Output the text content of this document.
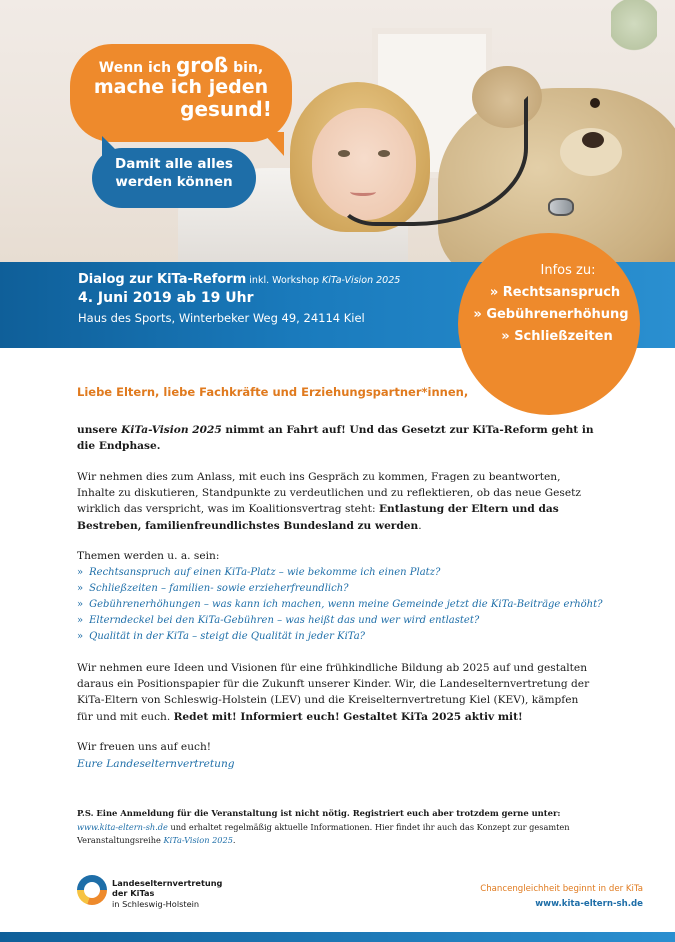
Wenn ich groß bin,
mache ich jeden
gesund!
Damit alle alles
werden können
Dialog zur KiTa-Reform inkl. Workshop KiTa-Vision 2025
4. Juni 2019 ab 19 Uhr
Haus des Sports, Winterbeker Weg 49, 24114 Kiel
Infos zu:
» Rechtsanspruch
» Gebührenerhöhung
» Schließzeiten
Liebe Eltern, liebe Fachkräfte und Erziehungspartner*innen,
unsere KiTa-Vision 2025 nimmt an Fahrt auf! Und das Gesetzt zur KiTa-Reform geht in die Endphase.
Wir nehmen dies zum Anlass, mit euch ins Gespräch zu kommen, Fragen zu beantworten, Inhalte zu diskutieren, Standpunkte zu verdeutlichen und zu reflektieren, ob das neue Gesetz wirklich das verspricht, was im Koalitionsvertrag steht: Entlastung der Eltern und das Bestreben, familienfreundlichstes Bundesland zu werden.
Themen werden u. a. sein:
» Rechtsanspruch auf einen KiTa-Platz – wie bekomme ich einen Platz?
» Schließzeiten – familien- sowie erzieherfreundlich?
» Gebührenerhöhungen – was kann ich machen, wenn meine Gemeinde jetzt die KiTa-Beiträge erhöht?
» Elterndeckel bei den KiTa-Gebühren – was heißt das und wer wird entlastet?
» Qualität in der KiTa – steigt die Qualität in jeder KiTa?
Wir nehmen eure Ideen und Visionen für eine frühkindliche Bildung ab 2025 auf und gestalten daraus ein Positionspapier für die Zukunft unserer Kinder. Wir, die Landeselternvertretung der KiTa-Eltern von Schleswig-Holstein (LEV) und die Kreiselternvertretung Kiel (KEV), kämpfen für und mit euch. Redet mit! Informiert euch! Gestaltet KiTa 2025 aktiv mit!
Wir freuen uns auf euch!
Eure Landeselternvertretung
P.S. Eine Anmeldung für die Veranstaltung ist nicht nötig. Registriert euch aber trotzdem gerne unter:
www.kita-eltern-sh.de und erhaltet regelmäßig aktuelle Informationen. Hier findet ihr auch das Konzept zur gesamten Veranstaltungsreihe KiTa-Vision 2025.
Landeselternvertretung
der KiTas
in Schleswig-Holstein
Chancengleichheit beginnt in der KiTa
www.kita-eltern-sh.de
